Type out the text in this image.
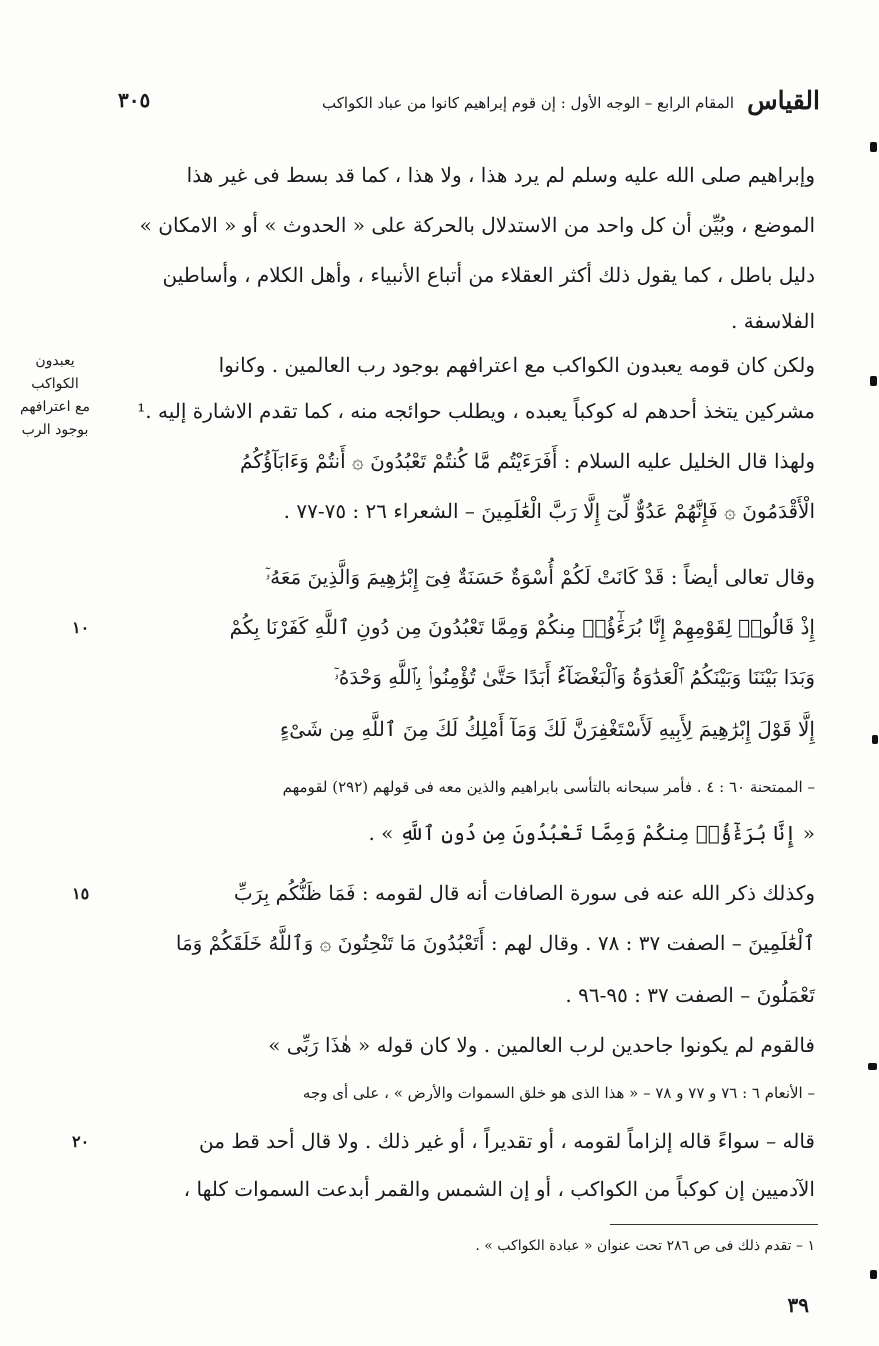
القياس
المقام الرابع – الوجه الأول : إن قوم إبراهيم كانوا من عباد الكواكب
٣٠٥
وإبراهيم صلى الله عليه وسلم لم يرد هذا ، ولا هذا ، كما قد بسط فى غير هذا
الموضع ، وبُيِّن أن كل واحد من الاستدلال بالحركة على « الحدوث » أو « الامكان »
دليل باطل ، كما يقول ذلك أكثر العقلاء من أتباع الأنبياء ، وأهل الكلام ، وأساطين
الفلاسفة .
ولكن كان قومه يعبدون الكواكب مع اعترافهم بوجود رب العالمين . وكانوا
مشركين يتخذ أحدهم له كوكباً يعبده ، ويطلب حوائجه منه ، كما تقدم الاشارة إليه .¹
ولهذا قال الخليل عليه السلام : أَفَرَءَيْتُم مَّا كُنتُمْ تَعْبُدُونَ ۞ أَنتُمْ وَءَابَآؤُكُمُ
الْأَقْدَمُونَ ۞ فَإِنَّهُمْ عَدُوٌّ لِّىٓ إِلَّا رَبَّ الْعَٰلَمِينَ – الشعراء ٢٦ : ٧٥-٧٧ .
وقال تعالى أيضاً : قَدْ كَانَتْ لَكُمْ أُسْوَةٌ حَسَنَةٌ فِىٓ إِبْرَٰهِيمَ وَالَّذِينَ مَعَهُۥٓ
إِذْ قَالُوا۟ لِقَوْمِهِمْ إِنَّا بُرَءَٰٓؤُا۟ مِنكُمْ وَمِمَّا تَعْبُدُونَ مِن دُونِ ٱللَّهِ كَفَرْنَا بِكُمْ
وَبَدَا بَيْنَنَا وَبَيْنَكُمُ ٱلْعَدَٰوَةُ وَٱلْبَغْضَآءُ أَبَدًا حَتَّىٰ تُؤْمِنُوا۟ بِٱللَّهِ وَحْدَهُۥٓ
إِلَّا قَوْلَ إِبْرَٰهِيمَ لِأَبِيهِ لَأَسْتَغْفِرَنَّ لَكَ وَمَآ أَمْلِكُ لَكَ مِنَ ٱللَّهِ مِن شَىْءٍ
– الممتحنة ٦٠ : ٤ . فأمر سبحانه بالتأسى بابراهيم والذين معه فى قولهم (٢٩٢) لقومهم
« إِنَّا بُرَءَٰٓؤُا۟ مِنكُمْ وَمِمَّا تَعْبُدُونَ مِن دُونِ ٱللَّهِ » .
وكذلك ذكر الله عنه فى سورة الصافات أنه قال لقومه : فَمَا ظَنُّكُم بِرَبِّ
ٱلْعَٰلَمِينَ – الصفت ٣٧ : ٧٨ . وقال لهم : أَتَعْبُدُونَ مَا تَنْحِتُونَ ۞ وَٱللَّهُ خَلَقَكُمْ وَمَا
تَعْمَلُونَ – الصفت ٣٧ : ٩٥-٩٦ .
فالقوم لم يكونوا جاحدين لرب العالمين . ولا كان قوله « هٰذَا رَبِّى »
– الأنعام ٦ : ٧٦ و ٧٧ و ٧٨ – « هذا الذى هو خلق السموات والأرض » ، على أى وجه
قاله – سواءً قاله إلزاماً لقومه ، أو تقديراً ، أو غير ذلك . ولا قال أحد قط من
الآدميين إن كوكباً من الكواكب ، أو إن الشمس والقمر أبدعت السموات كلها ،
١٠
١٥
٢٠
يعبدون
الكواكب
مع اعترافهم
بوجود الرب
١ – تقدم ذلك فى ص ٢٨٦ تحت عنوان « عبادة الكواكب » .
٣٩
